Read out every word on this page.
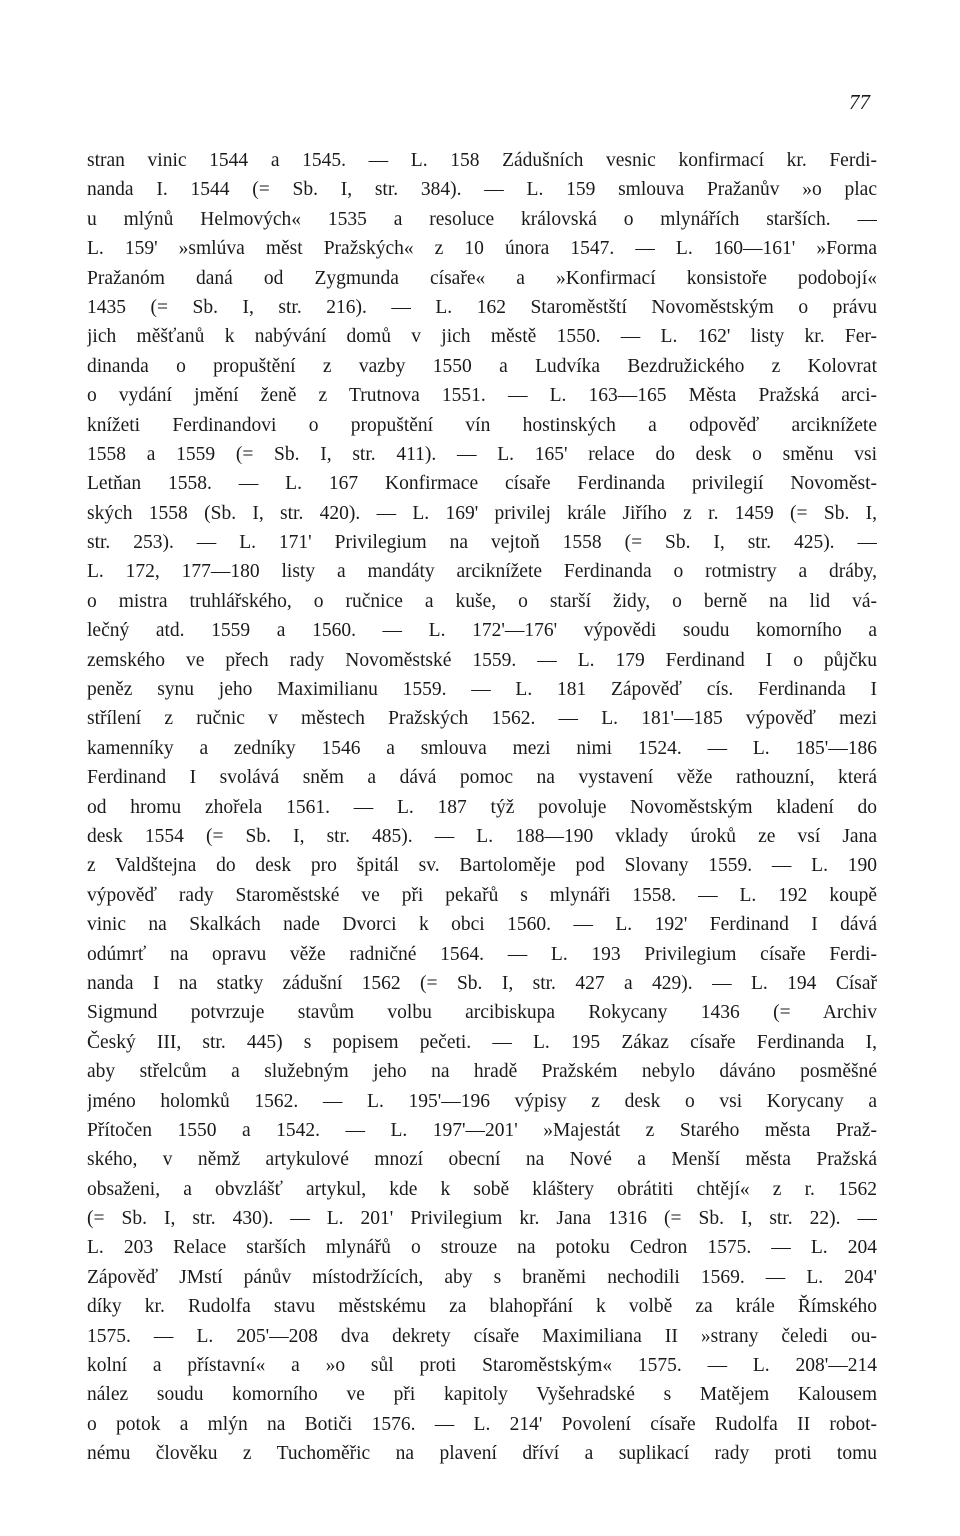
77
stran vinic 1544 a 1545. — L. 158 Zádušních vesnic konfirmací kr. Ferdi-
nanda I. 1544 (= Sb. I, str. 384). — L. 159 smlouva Pražanův »o plac
u mlýnů Helmových« 1535 a resoluce královská o mlynářích starších. —
L. 159' »smlúva měst Pražských« z 10 února 1547. — L. 160—161' »Forma
Pražanóm daná od Zygmunda císaře« a »Konfirmací konsistoře podobojí«
1435 (= Sb. I, str. 216). — L. 162 Staroměstští Novoměstským o právu
jich měšťanů k nabývání domů v jich městě 1550. — L. 162' listy kr. Fer-
dinanda o propuštění z vazby 1550 a Ludvíka Bezdružického z Kolovrat
o vydání jmění ženě z Trutnova 1551. — L. 163—165 Města Pražská arci-
knížeti Ferdinandovi o propuštění vín hostinských a odpověď arciknížete
1558 a 1559 (= Sb. I, str. 411). — L. 165' relace do desk o směnu vsi
Letňan 1558. — L. 167 Konfirmace císaře Ferdinanda privilegií Novoměst-
ských 1558 (Sb. I, str. 420). — L. 169' privilej krále Jiřího z r. 1459 (= Sb. I,
str. 253). — L. 171' Privilegium na vejtoň 1558 (= Sb. I, str. 425). —
L. 172, 177—180 listy a mandáty arciknížete Ferdinanda o rotmistry a dráby,
o mistra truhlářského, o ručnice a kuše, o starší židy, o berně na lid vá-
lečný atd. 1559 a 1560. — L. 172'—176' výpovědi soudu komorního a
zemského ve přech rady Novoměstské 1559. — L. 179 Ferdinand I o půjčku
peněz synu jeho Maximilianu 1559. — L. 181 Zápověď cís. Ferdinanda I
střílení z ručnic v městech Pražských 1562. — L. 181'—185 výpověď mezi
kamenníky a zedníky 1546 a smlouva mezi nimi 1524. — L. 185'—186
Ferdinand I svolává sněm a dává pomoc na vystavení věže rathouzní, která
od hromu zhořela 1561. — L. 187 týž povoluje Novoměstským kladení do
desk 1554 (= Sb. I, str. 485). — L. 188—190 vklady úroků ze vsí Jana
z Valdštejna do desk pro špitál sv. Bartoloměje pod Slovany 1559. — L. 190
výpověď rady Staroměstské ve při pekařů s mlynáři 1558. — L. 192 koupě
vinic na Skalkách nade Dvorci k obci 1560. — L. 192' Ferdinand I dává
odúmrť na opravu věže radničné 1564. — L. 193 Privilegium císaře Ferdi-
nanda I na statky zádušní 1562 (= Sb. I, str. 427 a 429). — L. 194 Císař
Sigmund potvrzuje stavům volbu arcibiskupa Rokycany 1436 (= Archiv
Český III, str. 445) s popisem pečeti. — L. 195 Zákaz císaře Ferdinanda I,
aby střelcům a služebným jeho na hradě Pražském nebylo dáváno posměšné
jméno holomků 1562. — L. 195'—196 výpisy z desk o vsi Korycany a
Přítočen 1550 a 1542. — L. 197'—201' »Majestát z Starého města Praž-
ského, v němž artykulové mnozí obecní na Nové a Menší města Pražská
obsaženi, a obvzlášť artykul, kde k sobě kláštery obrátiti chtějí« z r. 1562
(= Sb. I, str. 430). — L. 201' Privilegium kr. Jana 1316 (= Sb. I, str. 22). —
L. 203 Relace starších mlynářů o strouze na potoku Cedron 1575. — L. 204
Zápověď JMstí pánův místodržících, aby s braněmi nechodili 1569. — L. 204'
díky kr. Rudolfa stavu městskému za blahopřání k volbě za krále Římského
1575. — L. 205'—208 dva dekrety císaře Maximiliana II »strany čeledi ou-
kolní a přístavní« a »o sůl proti Staroměstským« 1575. — L. 208'—214
nález soudu komorního ve při kapitoly Vyšehradské s Matějem Kalousem
o potok a mlýn na Botiči 1576. — L. 214' Povolení císaře Rudolfa II robot-
nému člověku z Tuchoměřic na plavení dříví a suplikací rady proti tomu
